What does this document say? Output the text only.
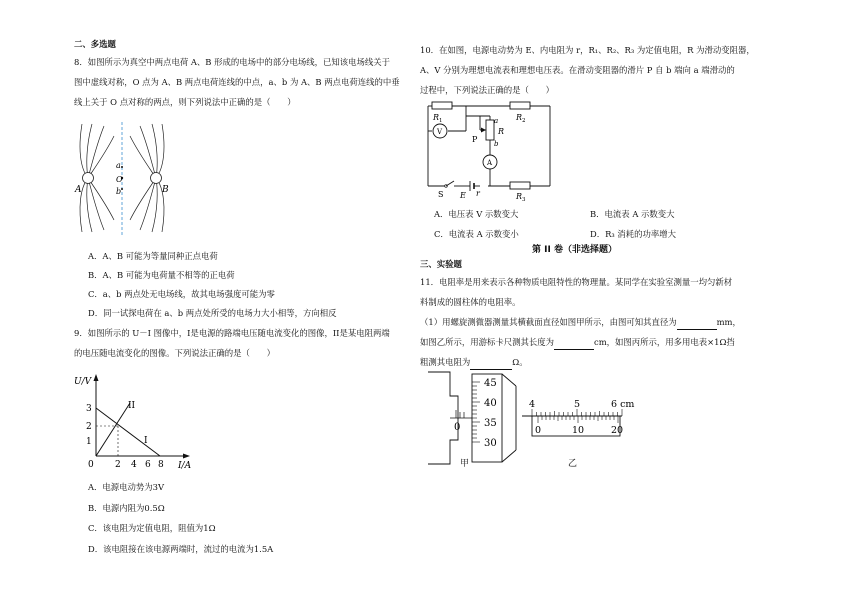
二、多选题
8．如图所示为真空中两点电荷 A、B 形成的电场中的部分电场线，已知该电场线关于
图中虚线对称，O 点为 A、B 两点电荷连线的中点，a、b 为 A、B 两点电荷连线的中垂
线上关于 O 点对称的两点，则下列说法中正确的是（　　）
A	B
O
a
b
A．A、B 可能为等量同种正点电荷
B．A、B 可能为电荷量不相等的正电荷
C．a、b 两点处无电场线，故其电场强度可能为零
D．同一试探电荷在 a、b 两点处所受的电场力大小相等，方向相反
9．如图所示的 U－I 图像中，I是电源的路端电压随电流变化的图像，II是某电阻两端
的电压随电流变化的图像。下列说法正确的是（　　）
U/V
I/A
3
2
1
0 2 4 6 8
I
II
A．电源电动势为3V
B．电源内阻为0.5Ω
C．该电阻为定值电阻，阻值为1Ω
D．该电阻接在该电源两端时，流过的电流为1.5A
10．在如图，电源电动势为 E、内电阻为 r，R₁、R₂、R₃ 为定值电阻，R 为滑动变阻器，
A、V 分别为理想电流表和理想电压表。在滑动变阻器的滑片 P 自 b 端向 a 端滑动的
过程中，下列说法正确的是（　　）
R 1	R 2
R 3
R
V
A
a
b
P
S E r
A．电压表 V 示数变大	B．电流表 A 示数变大
C．电流表 A 示数变小	D．R₃ 消耗的功率增大
第 II 卷（非选择题）
三、实验题
11．电阻率是用来表示各种物质电阻特性的物理量。某同学在实验室测量一均匀新材
料制成的圆柱体的电阻率。
（1）用螺旋测微器测量其横截面直径如图甲所示，由图可知其直径为	mm，
如图乙所示，用游标卡尺测其长度为	cm，如图丙所示，用多用电表×1Ω挡
粗测其电阻为	Ω。
45
40
35
30
0
甲
4	5	6 cm
0	10	20
乙
